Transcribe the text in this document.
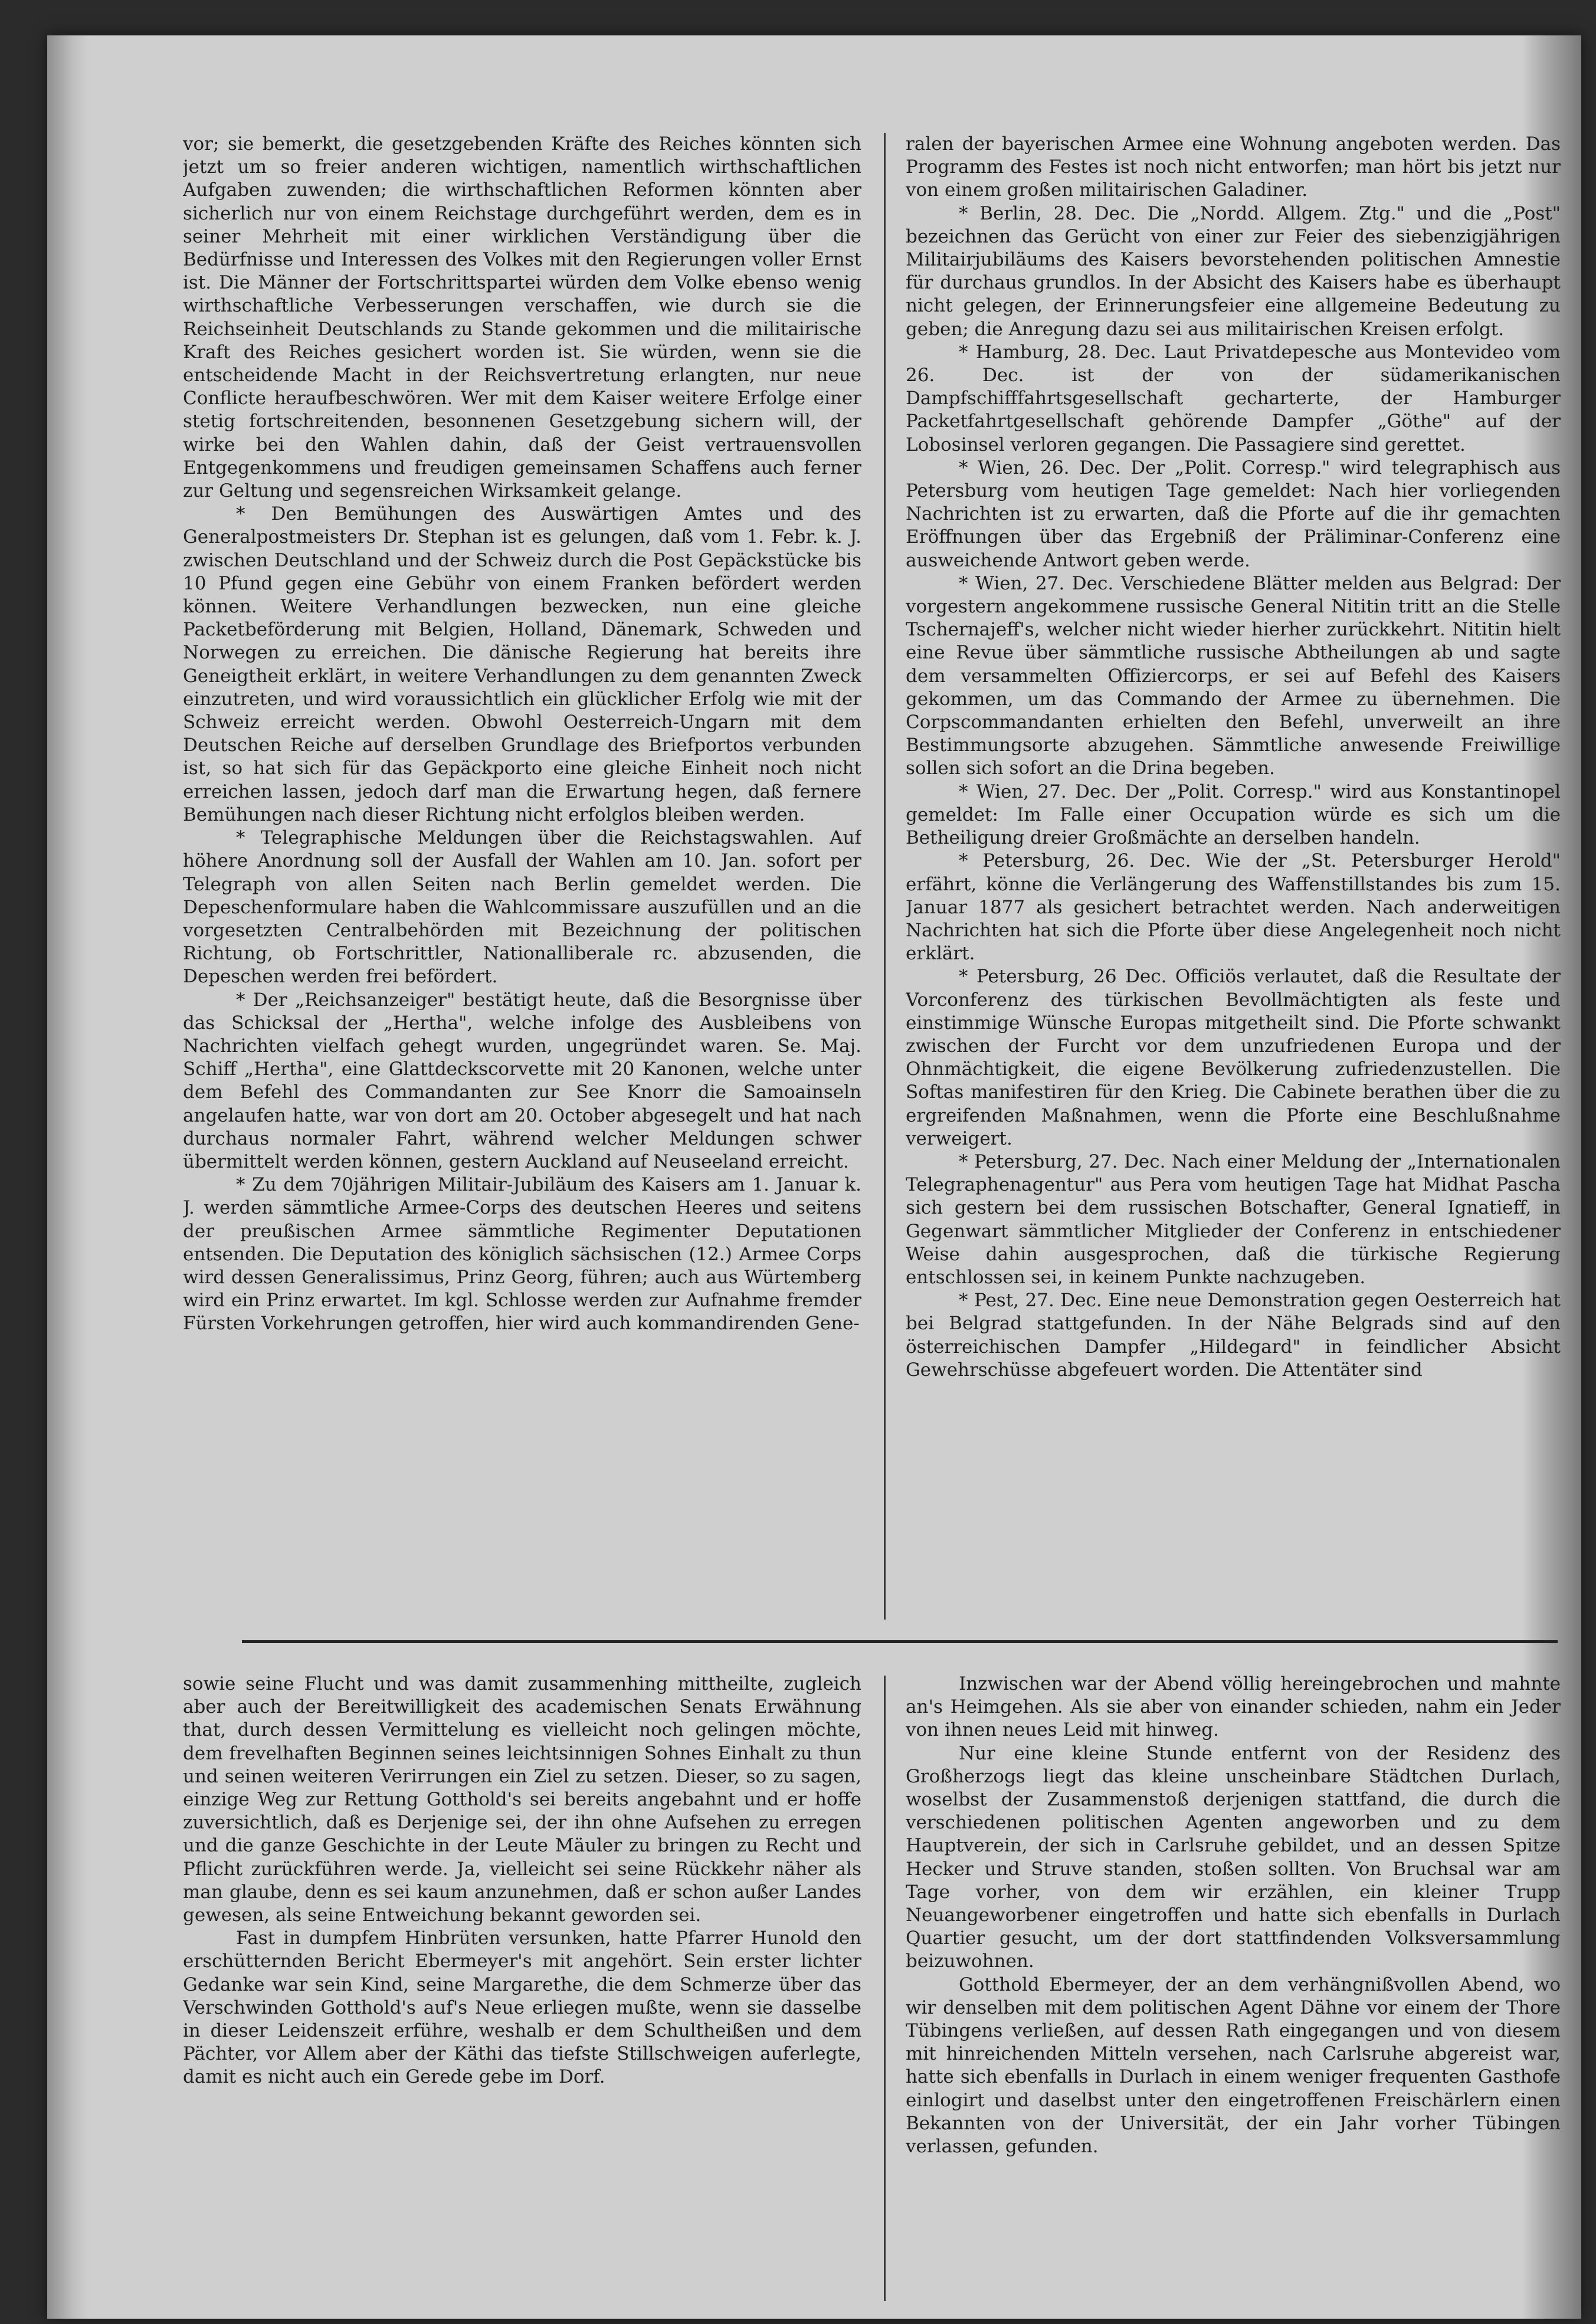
vor; sie bemerkt, die gesetzgebenden Kräfte des Reiches könnten sich jetzt um so freier anderen wichtigen, namentlich wirthschaftlichen Aufgaben zuwenden; die wirthschaftlichen Reformen könnten aber sicherlich nur von einem Reichstage durchgeführt werden, dem es in seiner Mehrheit mit einer wirklichen Verständigung über die Bedürfnisse und Interessen des Volkes mit den Regierungen voller Ernst ist. Die Männer der Fortschrittspartei würden dem Volke ebenso wenig wirthschaftliche Verbesserungen verschaffen, wie durch sie die Reichseinheit Deutschlands zu Stande gekommen und die militairische Kraft des Reiches gesichert worden ist. Sie würden, wenn sie die entscheidende Macht in der Reichsvertretung erlangten, nur neue Conflicte heraufbeschwören. Wer mit dem Kaiser weitere Erfolge einer stetig fortschreitenden, besonnenen Gesetzgebung sichern will, der wirke bei den Wahlen dahin, daß der Geist vertrauensvollen Entgegenkommens und freudigen gemeinsamen Schaffens auch ferner zur Geltung und segensreichen Wirksamkeit gelange.

* Den Bemühungen des Auswärtigen Amtes und des Generalpostmeisters Dr. Stephan ist es gelungen, daß vom 1. Febr. k. J. zwischen Deutschland und der Schweiz durch die Post Gepäckstücke bis 10 Pfund gegen eine Gebühr von einem Franken befördert werden können. Weitere Verhandlungen bezwecken, nun eine gleiche Packetbeförderung mit Belgien, Holland, Dänemark, Schweden und Norwegen zu erreichen. Die dänische Regierung hat bereits ihre Geneigtheit erklärt, in weitere Verhandlungen zu dem genannten Zweck einzutreten, und wird voraussichtlich ein glücklicher Erfolg wie mit der Schweiz erreicht werden. Obwohl Oesterreich-Ungarn mit dem Deutschen Reiche auf derselben Grundlage des Briefportos verbunden ist, so hat sich für das Gepäckporto eine gleiche Einheit noch nicht erreichen lassen, jedoch darf man die Erwartung hegen, daß fernere Bemühungen nach dieser Richtung nicht erfolglos bleiben werden.

* Telegraphische Meldungen über die Reichstagswahlen. Auf höhere Anordnung soll der Ausfall der Wahlen am 10. Jan. sofort per Telegraph von allen Seiten nach Berlin gemeldet werden. Die Depeschenformulare haben die Wahlcommissare auszufüllen und an die vorgesetzten Centralbehörden mit Bezeichnung der politischen Richtung, ob Fortschrittler, Nationalliberale rc. abzusenden, die Depeschen werden frei befördert.

* Der „Reichsanzeiger" bestätigt heute, daß die Besorgnisse über das Schicksal der „Hertha", welche infolge des Ausbleibens von Nachrichten vielfach gehegt wurden, ungegründet waren. Se. Maj. Schiff „Hertha", eine Glattdeckscorvette mit 20 Kanonen, welche unter dem Befehl des Commandanten zur See Knorr die Samoainseln angelaufen hatte, war von dort am 20. October abgesegelt und hat nach durchaus normaler Fahrt, während welcher Meldungen schwer übermittelt werden können, gestern Auckland auf Neuseeland erreicht.

* Zu dem 70jährigen Militair-Jubiläum des Kaisers am 1. Januar k. J. werden sämmtliche Armee-Corps des deutschen Heeres und seitens der preußischen Armee sämmtliche Regimenter Deputationen entsenden. Die Deputation des königlich sächsischen (12.) Armee Corps wird dessen Generalissimus, Prinz Georg, führen; auch aus Würtemberg wird ein Prinz erwartet. Im kgl. Schlosse werden zur Aufnahme fremder Fürsten Vorkehrungen getroffen, hier wird auch kommandirenden Gene-

ralen der bayerischen Armee eine Wohnung angeboten werden. Das Programm des Festes ist noch nicht entworfen; man hört bis jetzt nur von einem großen militairischen Galadiner.

* Berlin, 28. Dec. Die „Nordd. Allgem. Ztg." und die „Post" bezeichnen das Gerücht von einer zur Feier des siebenzigjährigen Militairjubiläums des Kaisers bevorstehenden politischen Amnestie für durchaus grundlos. In der Absicht des Kaisers habe es überhaupt nicht gelegen, der Erinnerungsfeier eine allgemeine Bedeutung zu geben; die Anregung dazu sei aus militairischen Kreisen erfolgt.

* Hamburg, 28. Dec. Laut Privatdepesche aus Montevideo vom 26. Dec. ist der von der südamerikanischen Dampfschifffahrtsgesellschaft gecharterte, der Hamburger Packetfahrtgesellschaft gehörende Dampfer „Göthe" auf der Lobosinsel verloren gegangen. Die Passagiere sind gerettet.

* Wien, 26. Dec. Der „Polit. Corresp." wird telegraphisch aus Petersburg vom heutigen Tage gemeldet: Nach hier vorliegenden Nachrichten ist zu erwarten, daß die Pforte auf die ihr gemachten Eröffnungen über das Ergebniß der Präliminar-Conferenz eine ausweichende Antwort geben werde.

* Wien, 27. Dec. Verschiedene Blätter melden aus Belgrad: Der vorgestern angekommene russische General Nititin tritt an die Stelle Tschernajeff's, welcher nicht wieder hierher zurückkehrt. Nititin hielt eine Revue über sämmtliche russische Abtheilungen ab und sagte dem versammelten Offiziercorps, er sei auf Befehl des Kaisers gekommen, um das Commando der Armee zu übernehmen. Die Corpscommandanten erhielten den Befehl, unverweilt an ihre Bestimmungsorte abzugehen. Sämmtliche anwesende Freiwillige sollen sich sofort an die Drina begeben.

* Wien, 27. Dec. Der „Polit. Corresp." wird aus Konstantinopel gemeldet: Im Falle einer Occupation würde es sich um die Betheiligung dreier Großmächte an derselben handeln.

* Petersburg, 26. Dec. Wie der „St. Petersburger Herold" erfährt, könne die Verlängerung des Waffenstillstandes bis zum 15. Januar 1877 als gesichert betrachtet werden. Nach anderweitigen Nachrichten hat sich die Pforte über diese Angelegenheit noch nicht erklärt.

* Petersburg, 26 Dec. Officiös verlautet, daß die Resultate der Vorconferenz des türkischen Bevollmächtigten als feste und einstimmige Wünsche Europas mitgetheilt sind. Die Pforte schwankt zwischen der Furcht vor dem unzufriedenen Europa und der Ohnmächtigkeit, die eigene Bevölkerung zufriedenzustellen. Die Softas manifestiren für den Krieg. Die Cabinete berathen über die zu ergreifenden Maßnahmen, wenn die Pforte eine Beschlußnahme verweigert.

* Petersburg, 27. Dec. Nach einer Meldung der „Internationalen Telegraphenagentur" aus Pera vom heutigen Tage hat Midhat Pascha sich gestern bei dem russischen Botschafter, General Ignatieff, in Gegenwart sämmtlicher Mitglieder der Conferenz in entschiedener Weise dahin ausgesprochen, daß die türkische Regierung entschlossen sei, in keinem Punkte nachzugeben.

* Pest, 27. Dec. Eine neue Demonstration gegen Oesterreich hat bei Belgrad stattgefunden. In der Nähe Belgrads sind auf den österreichischen Dampfer „Hildegard" in feindlicher Absicht Gewehrschüsse abgefeuert worden. Die Attentäter sind

sowie seine Flucht und was damit zusammenhing mittheilte, zugleich aber auch der Bereitwilligkeit des academischen Senats Erwähnung that, durch dessen Vermittelung es vielleicht noch gelingen möchte, dem frevelhaften Beginnen seines leichtsinnigen Sohnes Einhalt zu thun und seinen weiteren Verirrungen ein Ziel zu setzen. Dieser, so zu sagen, einzige Weg zur Rettung Gotthold's sei bereits angebahnt und er hoffe zuversichtlich, daß es Derjenige sei, der ihn ohne Aufsehen zu erregen und die ganze Geschichte in der Leute Mäuler zu bringen zu Recht und Pflicht zurückführen werde. Ja, vielleicht sei seine Rückkehr näher als man glaube, denn es sei kaum anzunehmen, daß er schon außer Landes gewesen, als seine Entweichung bekannt geworden sei.

Fast in dumpfem Hinbrüten versunken, hatte Pfarrer Hunold den erschütternden Bericht Ebermeyer's mit angehört. Sein erster lichter Gedanke war sein Kind, seine Margarethe, die dem Schmerze über das Verschwinden Gotthold's auf's Neue erliegen mußte, wenn sie dasselbe in dieser Leidenszeit erführe, weshalb er dem Schultheißen und dem Pächter, vor Allem aber der Käthi das tiefste Stillschweigen auferlegte, damit es nicht auch ein Gerede gebe im Dorf.

Inzwischen war der Abend völlig hereingebrochen und mahnte an's Heimgehen. Als sie aber von einander schieden, nahm ein Jeder von ihnen neues Leid mit hinweg.

Nur eine kleine Stunde entfernt von der Residenz des Großherzogs liegt das kleine unscheinbare Städtchen Durlach, woselbst der Zusammenstoß derjenigen stattfand, die durch die verschiedenen politischen Agenten angeworben und zu dem Hauptverein, der sich in Carlsruhe gebildet, und an dessen Spitze Hecker und Struve standen, stoßen sollten. Von Bruchsal war am Tage vorher, von dem wir erzählen, ein kleiner Trupp Neuangeworbener eingetroffen und hatte sich ebenfalls in Durlach Quartier gesucht, um der dort stattfindenden Volksversammlung beizuwohnen.

Gotthold Ebermeyer, der an dem verhängnißvollen Abend, wo wir denselben mit dem politischen Agent Dähne vor einem der Thore Tübingens verließen, auf dessen Rath eingegangen und von diesem mit hinreichenden Mitteln versehen, nach Carlsruhe abgereist war, hatte sich ebenfalls in Durlach in einem weniger frequenten Gasthofe einlogirt und daselbst unter den eingetroffenen Freischärlern einen Bekannten von der Universität, der ein Jahr vorher Tübingen verlassen, gefunden.
